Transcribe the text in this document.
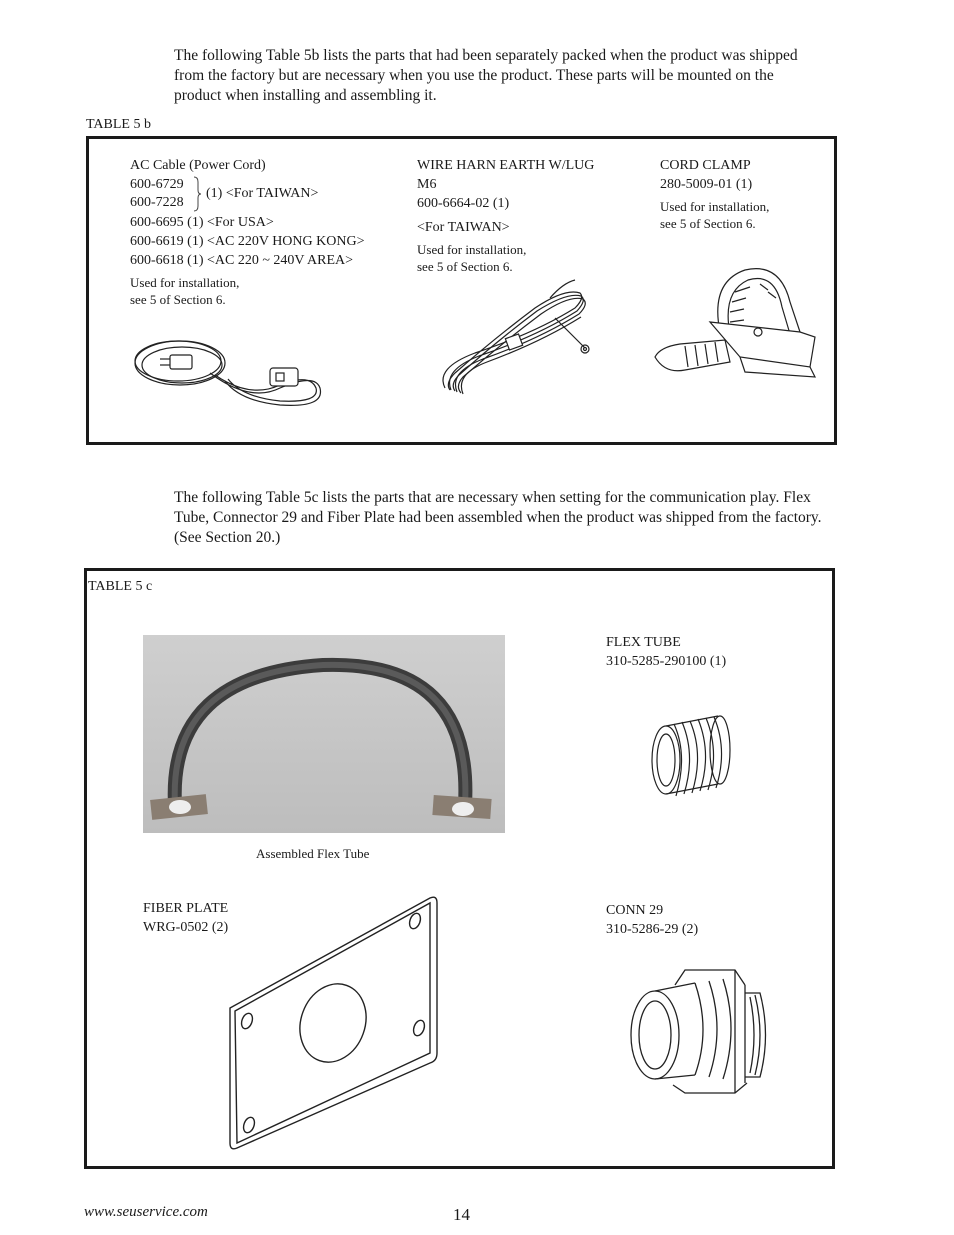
The following Table 5b lists the parts that had been separately packed when the product was shipped from the factory but are necessary when you use the product. These parts will be mounted on the product when installing and assembling it.
TABLE 5 b
AC Cable (Power Cord)
600-6729
600-7228
(1) <For TAIWAN>
600-6695 (1) <For USA>
600-6619 (1) <AC 220V HONG KONG>
600-6618 (1) <AC 220 ~ 240V AREA>
Used for installation,
see 5 of Section 6.
WIRE HARN EARTH W/LUG
M6
600-6664-02 (1)
<For TAIWAN>
Used for installation,
see 5 of Section 6.
CORD CLAMP
280-5009-01 (1)
Used for installation,
see 5 of Section 6.
The following Table 5c lists the parts that are necessary when setting for the communication play. Flex Tube, Connector 29 and Fiber Plate had been assembled when the product was shipped from the factory. (See Section 20.)
TABLE 5 c
Assembled Flex Tube
FLEX TUBE
310-5285-290100 (1)
FIBER PLATE
WRG-0502 (2)
CONN 29
310-5286-29 (2)
www.seuservice.com	14
